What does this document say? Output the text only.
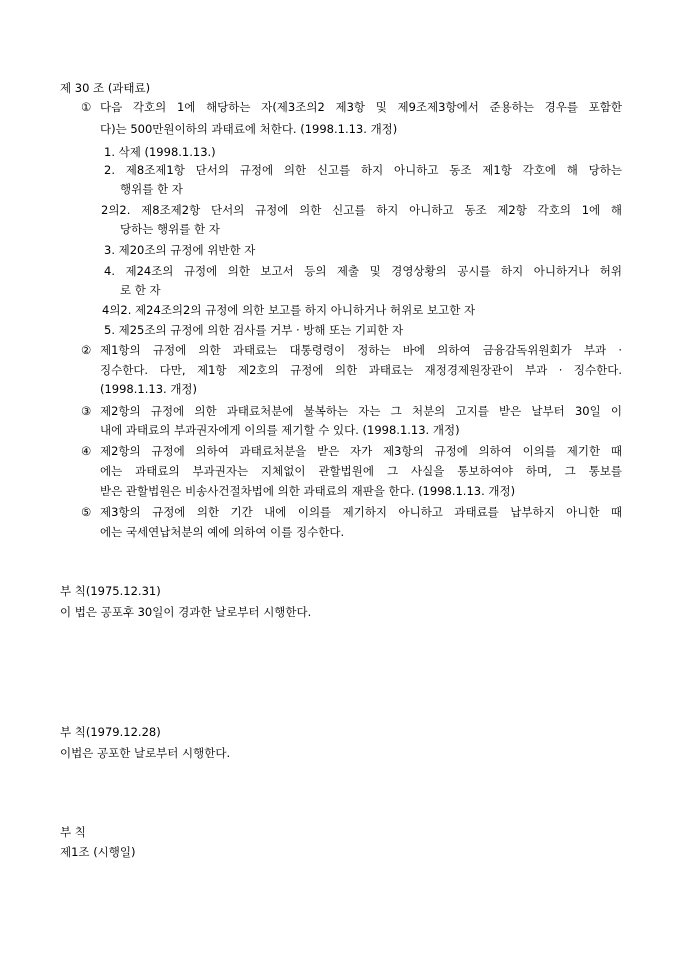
제 30 조 (과태료)
① 다음 각호의 1에 해당하는 자(제3조의2 제3항 및 제9조제3항에서 준용하는 경우를 포함한
다)는 500만원이하의 과태료에 처한다. (1998.1.13. 개정)
1. 삭제 (1998.1.13.)
2. 제8조제1항 단서의 규정에 의한 신고를 하지 아니하고 동조 제1항 각호에 해 당하는
행위를 한 자
2의2. 제8조제2항 단서의 규정에 의한 신고를 하지 아니하고 동조 제2항 각호의 1에 해
당하는 행위를 한 자
3. 제20조의 규정에 위반한 자
4. 제24조의 규정에 의한 보고서 등의 제출 및 경영상황의 공시를 하지 아니하거나 허위
로 한 자
4의2. 제24조의2의 규정에 의한 보고를 하지 아니하거나 허위로 보고한 자
5. 제25조의 규정에 의한 검사를 거부 · 방해 또는 기피한 자
② 제1항의 규정에 의한 과태료는 대통령령이 정하는 바에 의하여 금융감독위원회가 부과 ·
징수한다. 다만, 제1항 제2호의 규정에 의한 과태료는 재정경제원장관이 부과 · 징수한다.
(1998.1.13. 개정)
③ 제2항의 규정에 의한 과태료처분에 불복하는 자는 그 처분의 고지를 받은 날부터 30일 이
내에 과태료의 부과권자에게 이의를 제기할 수 있다. (1998.1.13. 개정)
④ 제2항의 규정에 의하여 과태료처분을 받은 자가 제3항의 규정에 의하여 이의를 제기한 때
에는 과태료의 부과권자는 지체없이 관할법원에 그 사실을 통보하여야 하며, 그 통보를
받은 관할법원은 비송사건절차법에 의한 과태료의 재판을 한다. (1998.1.13. 개정)
⑤ 제3항의 규정에 의한 기간 내에 이의를 제기하지 아니하고 과태료를 납부하지 아니한 때
에는 국세연납처분의 예에 의하여 이를 징수한다.
부 칙(1975.12.31)
이 법은 공포후 30일이 경과한 날로부터 시행한다.
부 칙(1979.12.28)
이법은 공포한 날로부터 시행한다.
부 칙
제1조 (시행일)
